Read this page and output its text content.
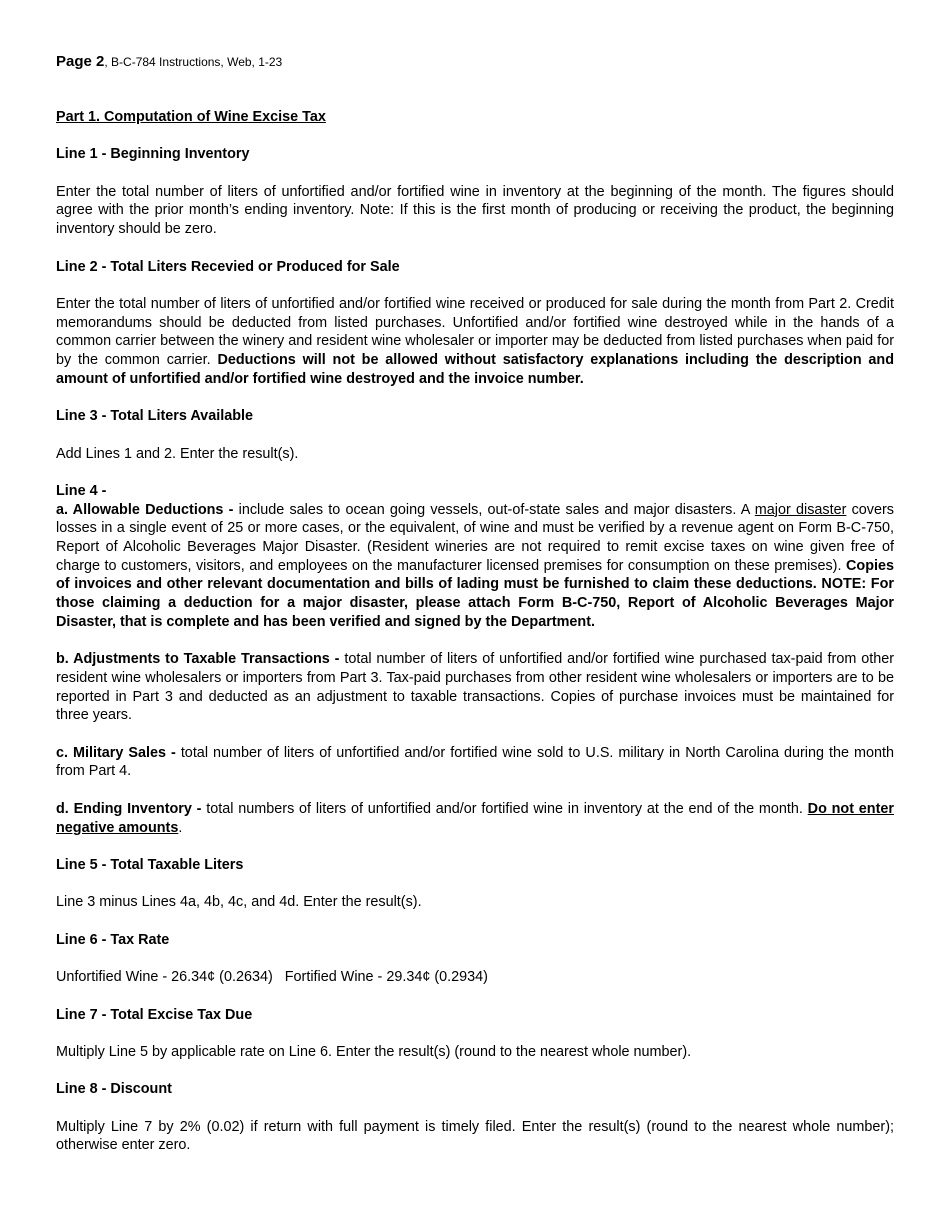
Page 2, B-C-784 Instructions, Web, 1-23

Part 1. Computation of Wine Excise Tax

Line 1 - Beginning Inventory

Enter the total number of liters of unfortified and/or fortified wine in inventory at the beginning of the month. The figures should agree with the prior month’s ending inventory. Note: If this is the first month of producing or receiving the product, the beginning inventory should be zero.

Line 2 - Total Liters Recevied or Produced for Sale

Enter the total number of liters of unfortified and/or fortified wine received or produced for sale during the month from Part 2. Credit memorandums should be deducted from listed purchases. Unfortified and/or fortified wine destroyed while in the hands of a common carrier between the winery and resident wine wholesaler or importer may be deducted from listed purchases when paid for by the common carrier. Deductions will not be allowed without satisfactory explanations including the description and amount of unfortified and/or fortified wine destroyed and the invoice number.

Line 3 - Total Liters Available

Add Lines 1 and 2. Enter the result(s).

Line 4 -

a. Allowable Deductions - include sales to ocean going vessels, out-of-state sales and major disasters. A major disaster covers losses in a single event of 25 or more cases, or the equivalent, of wine and must be verified by a revenue agent on Form B-C-750, Report of Alcoholic Beverages Major Disaster. (Resident wineries are not required to remit excise taxes on wine given free of charge to customers, visitors, and employees on the manufacturer licensed premises for consumption on these premises). Copies of invoices and other relevant documentation and bills of lading must be furnished to claim these deductions. NOTE: For those claiming a deduction for a major disaster, please attach Form B-C-750, Report of Alcoholic Beverages Major Disaster, that is complete and has been verified and signed by the Department.

b. Adjustments to Taxable Transactions - total number of liters of unfortified and/or fortified wine purchased tax-paid from other resident wine wholesalers or importers from Part 3. Tax-paid purchases from other resident wine wholesalers or importers are to be reported in Part 3 and deducted as an adjustment to taxable transactions. Copies of purchase invoices must be maintained for three years.

c. Military Sales - total number of liters of unfortified and/or fortified wine sold to U.S. military in North Carolina during the month from Part 4.

d. Ending Inventory - total numbers of liters of unfortified and/or fortified wine in inventory at the end of the month. Do not enter negative amounts.

Line 5 - Total Taxable Liters

Line 3 minus Lines 4a, 4b, 4c, and 4d. Enter the result(s).

Line 6 - Tax Rate

Unfortified Wine - 26.34¢ (0.2634)   Fortified Wine - 29.34¢ (0.2934)

Line 7 - Total Excise Tax Due

Multiply Line 5 by applicable rate on Line 6. Enter the result(s) (round to the nearest whole number).

Line 8 - Discount

Multiply Line 7 by 2% (0.02) if return with full payment is timely filed. Enter the result(s) (round to the nearest whole number); otherwise enter zero.
